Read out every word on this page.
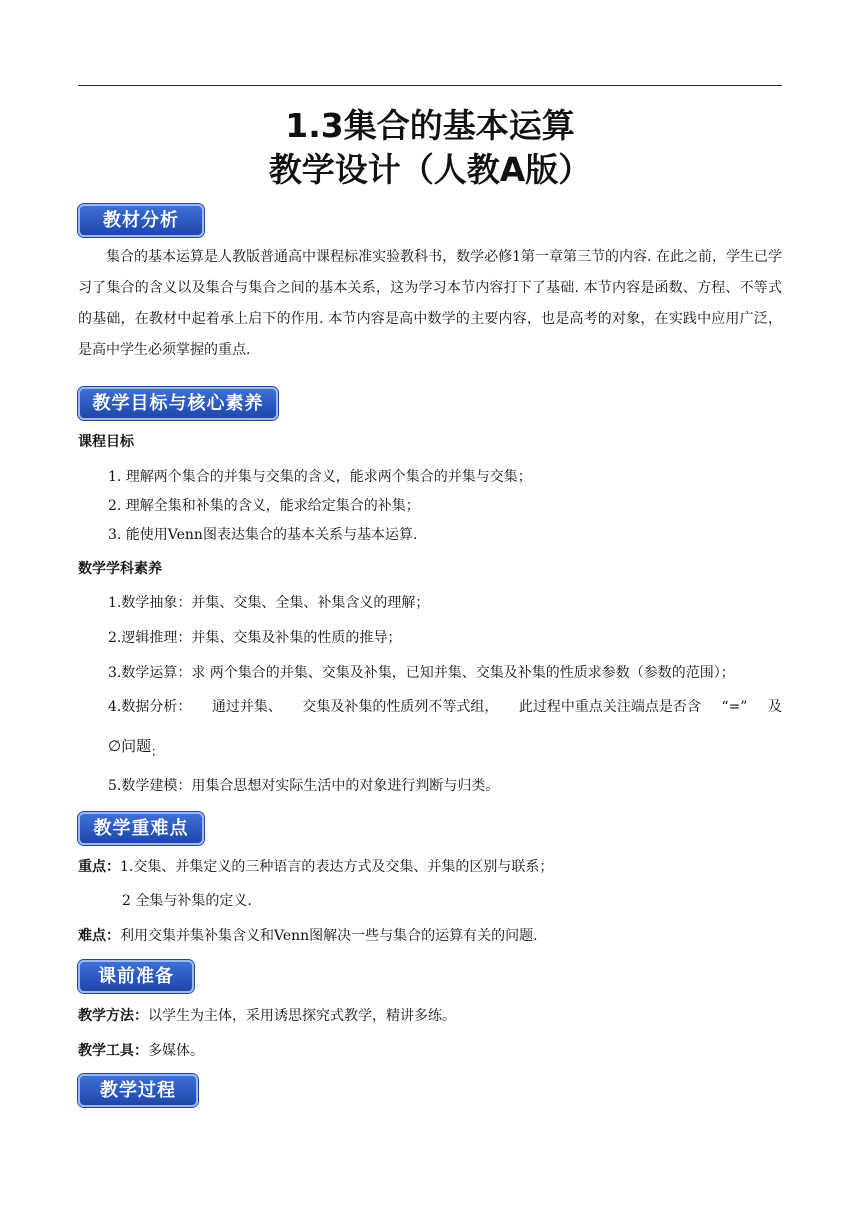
1.3集合的基本运算
教学设计（人教A版）
教材分析
集合的基本运算是人教版普通高中课程标准实验教科书，数学必修1第一章第三节的内容. 在此之前，学生已学习了集合的含义以及集合与集合之间的基本关系，这为学习本节内容打下了基础. 本节内容是函数、方程、不等式的基础，在教材中起着承上启下的作用. 本节内容是高中数学的主要内容，也是高考的对象，在实践中应用广泛，是高中学生必须掌握的重点.
教学目标与核心素养
课程目标
1. 理解两个集合的并集与交集的含义，能求两个集合的并集与交集；
2. 理解全集和补集的含义，能求给定集合的补集；
3. 能使用Venn图表达集合的基本关系与基本运算.
数学学科素养
1.数学抽象：并集、交集、全集、补集含义的理解；
2.逻辑推理：并集、交集及补集的性质的推导；
3.数学运算：求 两个集合的并集、交集及补集，已知并集、交集及补集的性质求参数（参数的范围）；
4.数据分析： 通过并集、 交集及补集的性质列不等式组， 此过程中重点关注端点是否含 “=” 及
∅问题$_;$
5.数学建模：用集合思想对实际生活中的对象进行判断与归类。
教学重难点
重点：1.交集、并集定义的三种语言的表达方式及交集、并集的区别与联系；
2 全集与补集的定义.
难点：利用交集并集补集含义和Venn图解决一些与集合的运算有关的问题.
课前准备
教学方法：以学生为主体，采用诱思探究式教学，精讲多练。
教学工具：多媒体。
教学过程
